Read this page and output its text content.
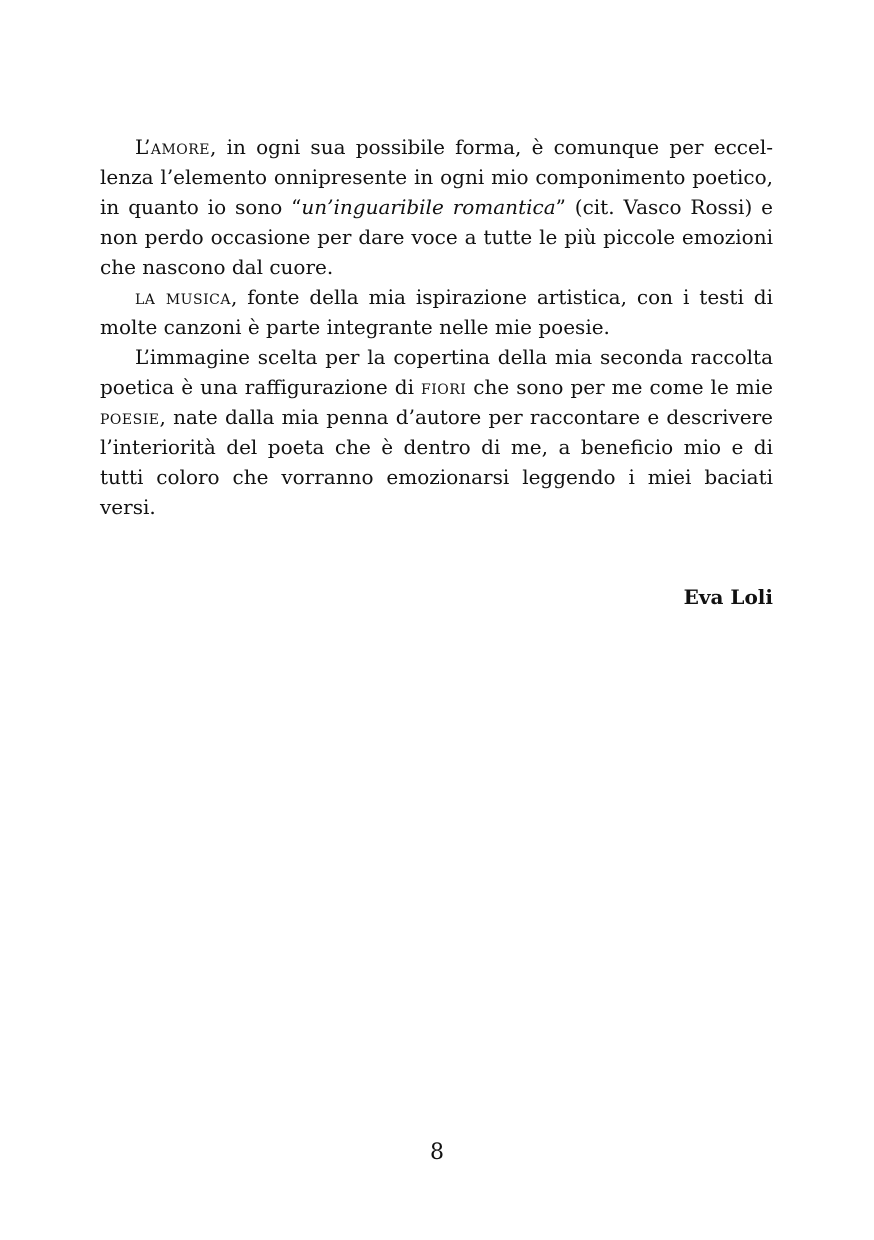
L’amore, in ogni sua possibile forma, è comunque per eccellenza l’elemento onnipresente in ogni mio componimento poetico, in quanto io sono “un’inguaribile romantica” (cit. Vasco Rossi) e non perdo occasione per dare voce a tutte le più piccole emozioni che nascono dal cuore.

la musica, fonte della mia ispirazione artistica, con i testi di molte canzoni è parte integrante nelle mie poesie.

L’immagine scelta per la copertina della mia seconda raccolta poetica è una raffigurazione di fiori che sono per me come le mie poesie, nate dalla mia penna d’autore per raccontare e descrivere l’interiorità del poeta che è dentro di me, a beneficio mio e di tutti coloro che vorranno emozionarsi leggendo i miei baciati versi.

Eva Loli
8
